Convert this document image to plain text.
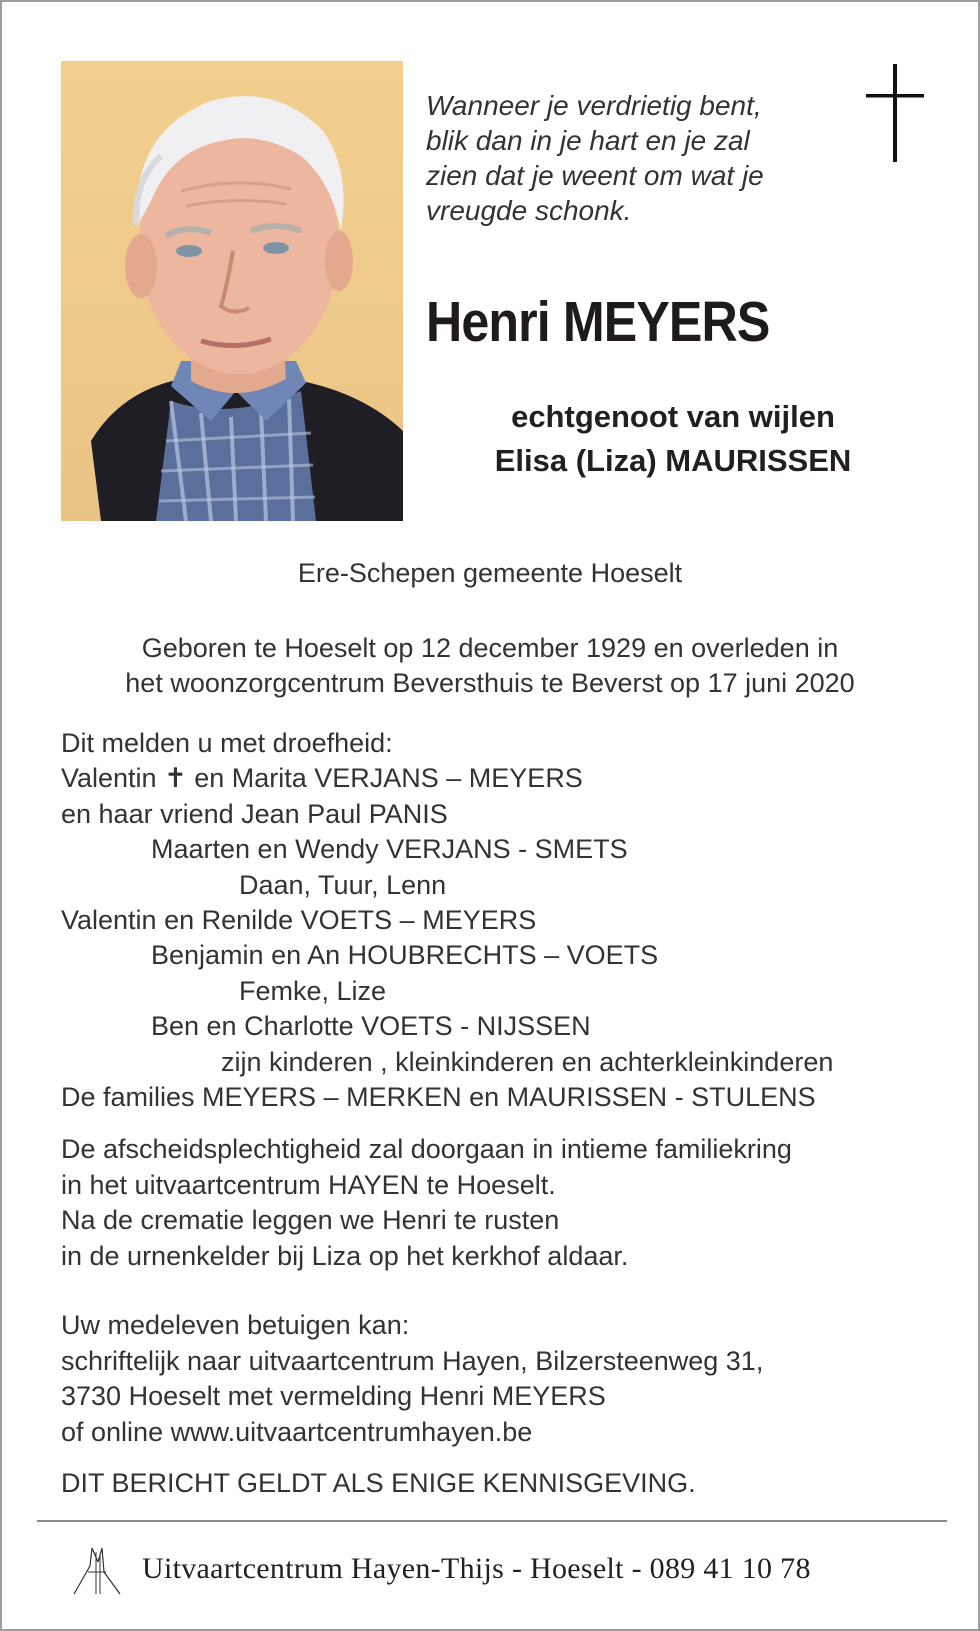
Wanneer je verdrietig bent,
blik dan in je hart en je zal
zien dat je weent om wat je
vreugde schonk.
Henri MEYERS
echtgenoot van wijlen
Elisa (Liza) MAURISSEN
Ere-Schepen gemeente Hoeselt
Geboren te Hoeselt op 12 december 1929 en overleden in
het woonzorgcentrum Beversthuis te Beverst op 17 juni 2020
Dit melden u met droefheid:
Valentin ✝ en Marita VERJANS – MEYERS
en haar vriend Jean Paul PANIS
Maarten en Wendy VERJANS - SMETS
Daan, Tuur, Lenn
Valentin en Renilde VOETS – MEYERS
Benjamin en An HOUBRECHTS – VOETS
Femke, Lize
Ben en Charlotte VOETS - NIJSSEN
zijn kinderen , kleinkinderen en achterkleinkinderen
De families MEYERS – MERKEN en MAURISSEN - STULENS
De afscheidsplechtigheid zal doorgaan in intieme familiekring
in het uitvaartcentrum HAYEN te Hoeselt.
Na de crematie leggen we Henri te rusten
in de urnenkelder bij Liza op het kerkhof aldaar.
Uw medeleven betuigen kan:
schriftelijk naar uitvaartcentrum Hayen, Bilzersteenweg 31,
3730 Hoeselt met vermelding Henri MEYERS
of online www.uitvaartcentrumhayen.be
DIT BERICHT GELDT ALS ENIGE KENNISGEVING.
Uitvaartcentrum Hayen-Thijs - Hoeselt - 089 41 10 78
